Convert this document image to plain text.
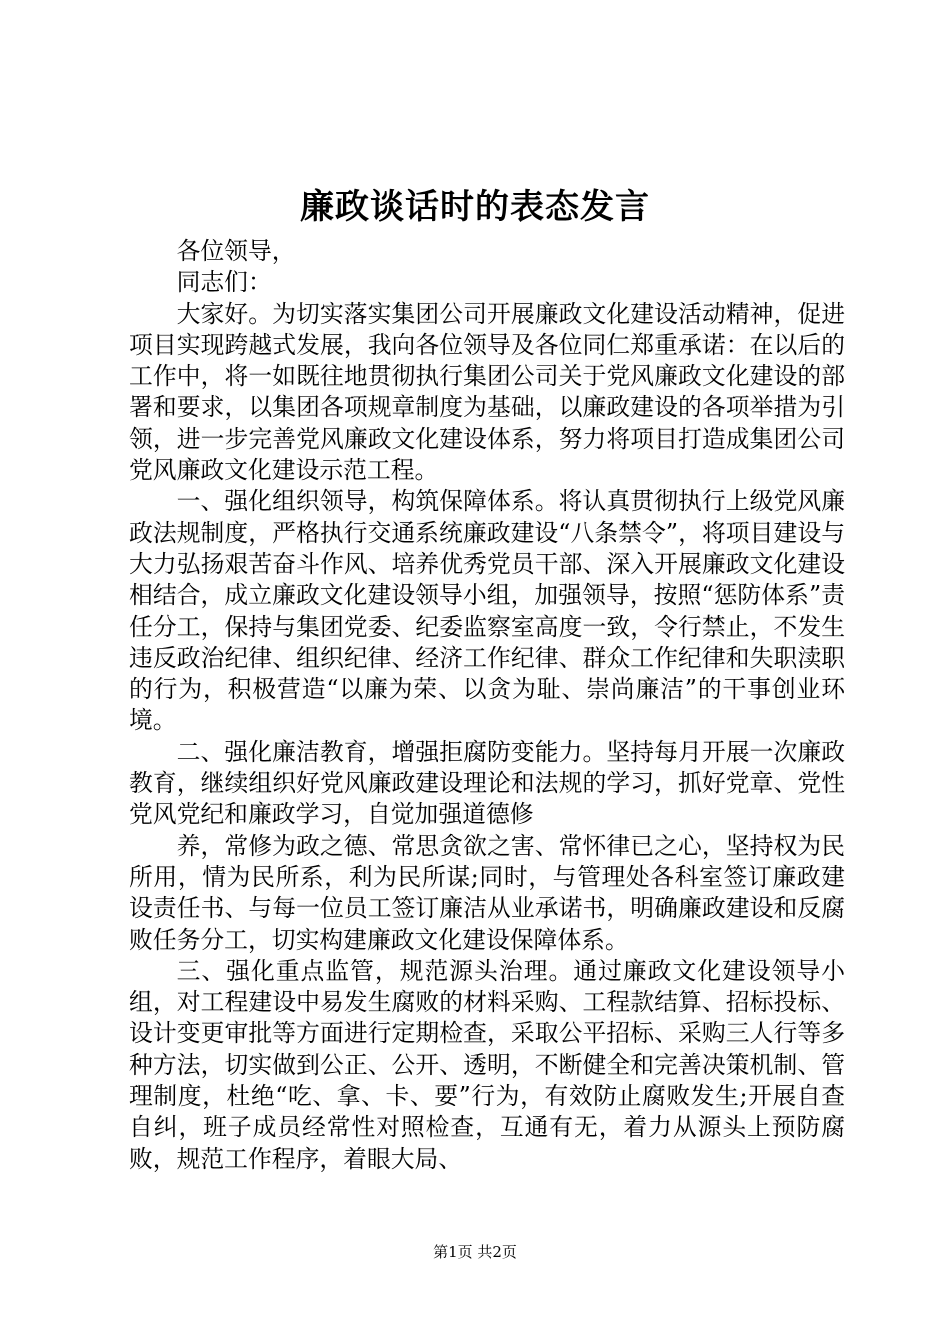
廉政谈话时的表态发言

各位领导，

同志们：

大家好。为切实落实集团公司开展廉政文化建设活动精神，促进项目实现跨越式发展，我向各位领导及各位同仁郑重承诺：在以后的工作中，将一如既往地贯彻执行集团公司关于党风廉政文化建设的部署和要求，以集团各项规章制度为基础，以廉政建设的各项举措为引领，进一步完善党风廉政文化建设体系，努力将项目打造成集团公司党风廉政文化建设示范工程。

一、强化组织领导，构筑保障体系。将认真贯彻执行上级党风廉政法规制度，严格执行交通系统廉政建设“八条禁令”，将项目建设与大力弘扬艰苦奋斗作风、培养优秀党员干部、深入开展廉政文化建设相结合，成立廉政文化建设领导小组，加强领导，按照“惩防体系”责任分工，保持与集团党委、纪委监察室高度一致，令行禁止，不发生违反政治纪律、组织纪律、经济工作纪律、群众工作纪律和失职渎职的行为，积极营造“以廉为荣、以贪为耻、崇尚廉洁”的干事创业环境。

二、强化廉洁教育，增强拒腐防变能力。坚持每月开展一次廉政教育，继续组织好党风廉政建设理论和法规的学习，抓好党章、党性党风党纪和廉政学习，自觉加强道德修

养，常修为政之德、常思贪欲之害、常怀律已之心，坚持权为民所用，情为民所系，利为民所谋;同时，与管理处各科室签订廉政建设责任书、与每一位员工签订廉洁从业承诺书，明确廉政建设和反腐败任务分工，切实构建廉政文化建设保障体系。

三、强化重点监管，规范源头治理。通过廉政文化建设领导小组，对工程建设中易发生腐败的材料采购、工程款结算、招标投标、设计变更审批等方面进行定期检查，采取公平招标、采购三人行等多种方法，切实做到公正、公开、透明，不断健全和完善决策机制、管理制度，杜绝“吃、拿、卡、要”行为，有效防止腐败发生;开展自查自纠，班子成员经常性对照检查，互通有无，着力从源头上预防腐败，规范工作程序，着眼大局、

第1页 共2页
